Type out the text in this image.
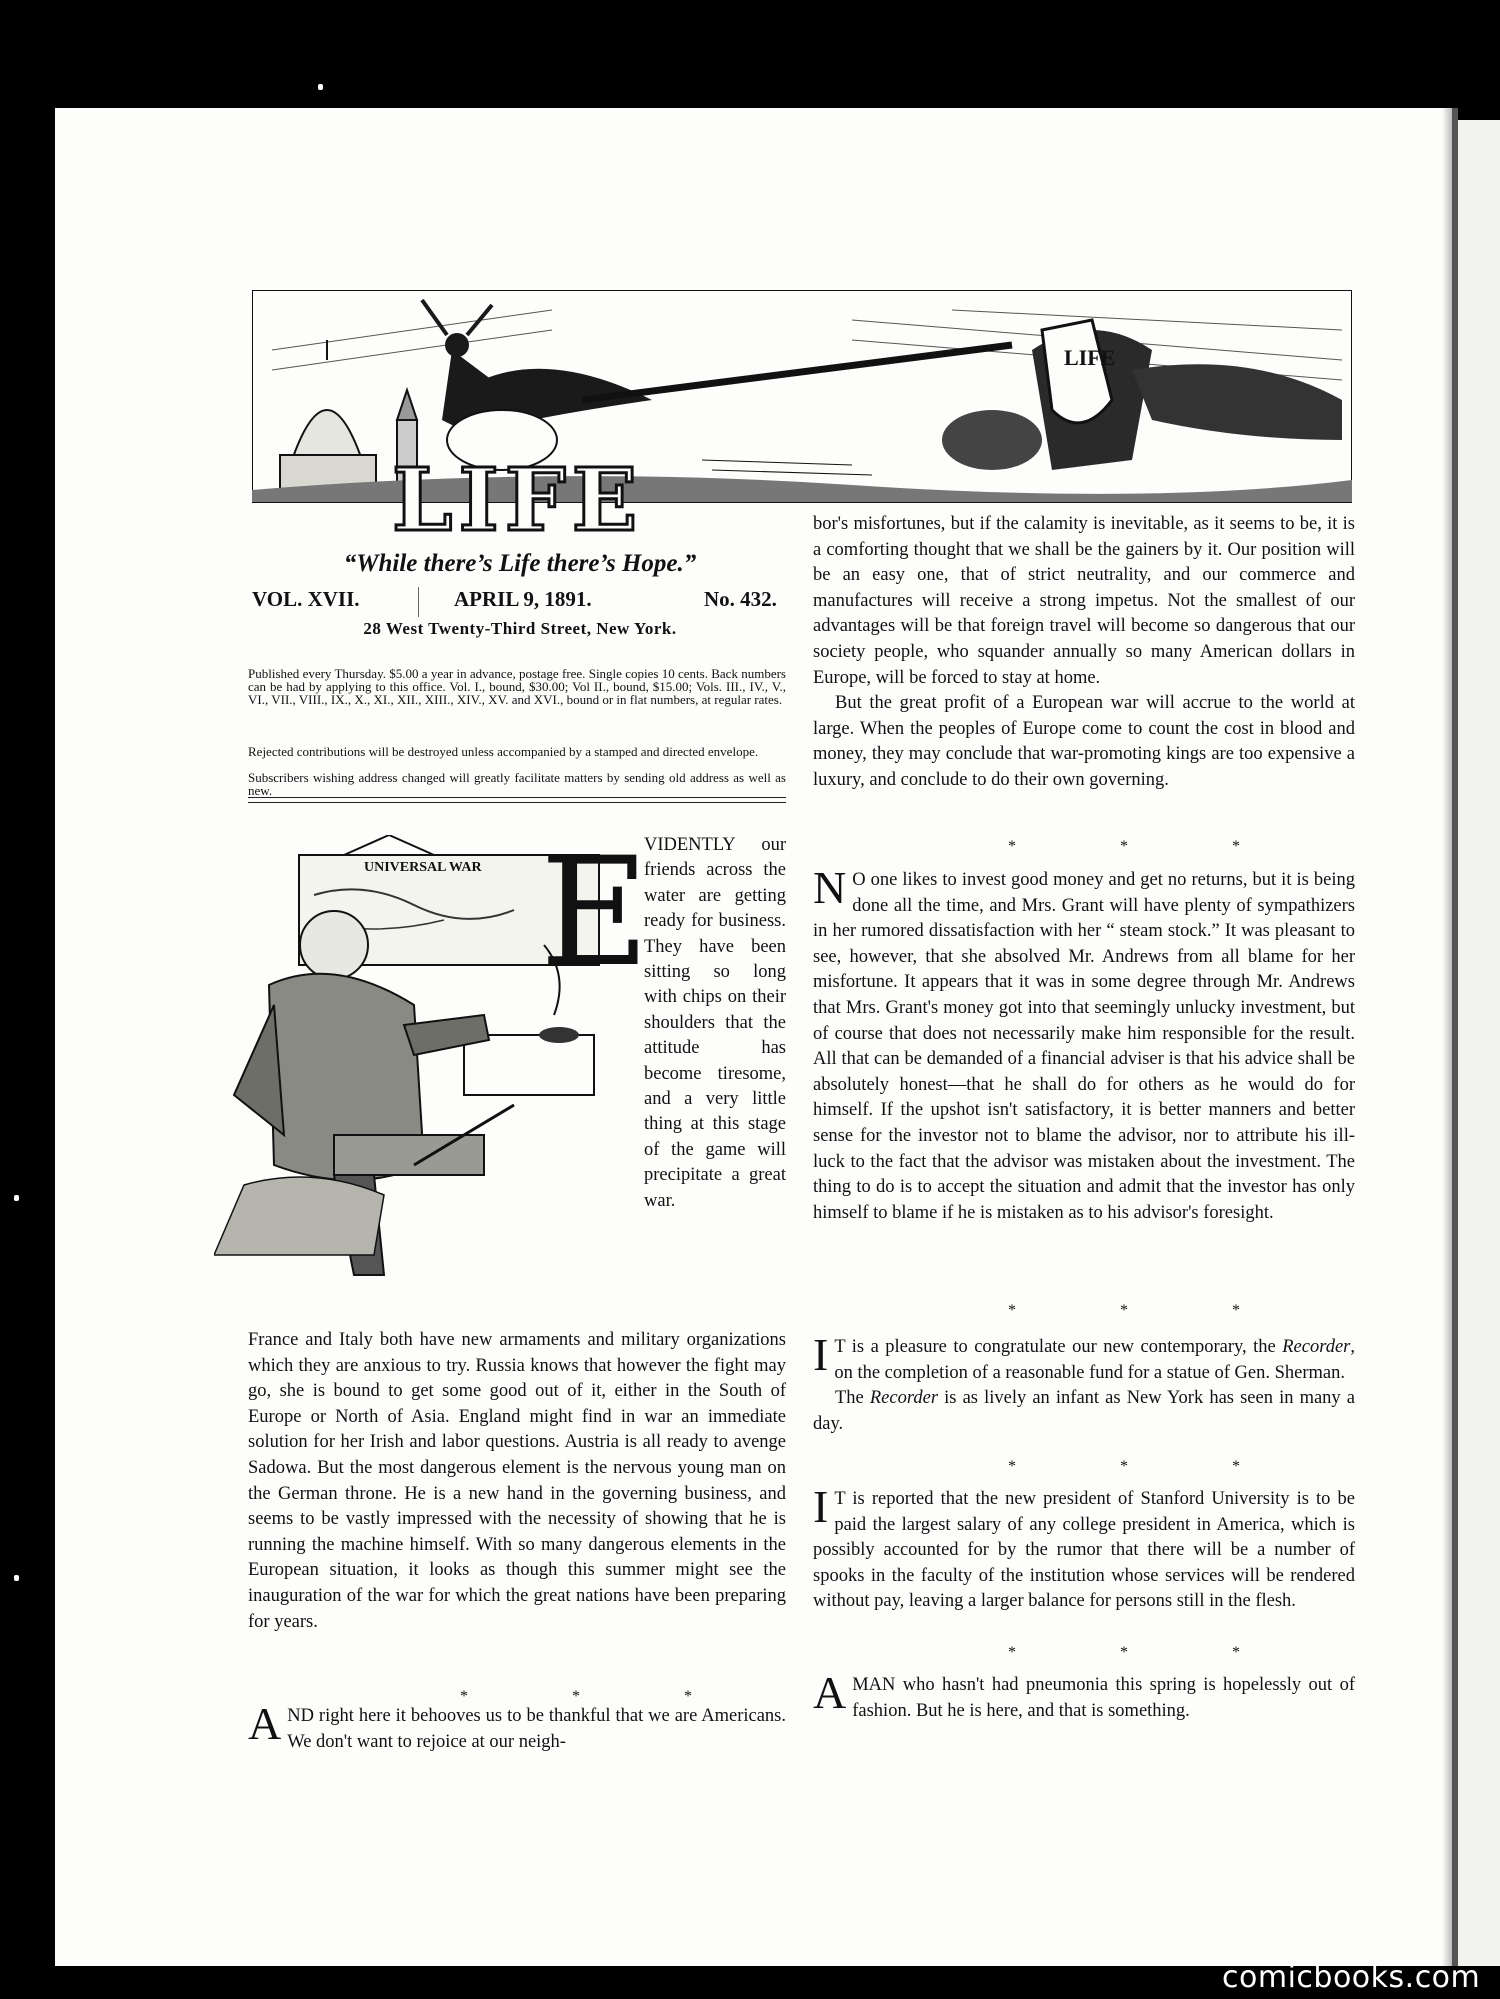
LIFE
LIFE
“While there’s Life there’s Hope.”
VOL. XVII.	APRIL 9, 1891.	No. 432.
28 West Twenty-Third Street, New York.
Published every Thursday. $5.00 a year in advance, postage free. Single copies 10 cents. Back numbers can be had by applying to this office. Vol. I., bound, $30.00; Vol II., bound, $15.00; Vols. III., IV., V., VI., VII., VIII., IX., X., XI., XII., XIII., XIV., XV. and XVI., bound or in flat numbers, at regular rates.
Rejected contributions will be destroyed unless accompanied by a stamped and directed envelope.
Subscribers wishing address changed will greatly facilitate matters by sending old address as well as new.
UNIVERSAL WAR E
VIDENTLY our friends across the water are getting ready for business. They have been sitting so long with chips on their shoulders that the attitude has become tiresome, and a very little thing at this stage of the game will precipitate a great war.

France and Italy both have new armaments and military organizations which they are anxious to try. Russia knows that however the fight may go, she is bound to get some good out of it, either in the South of Europe or North of Asia. England might find in war an immediate solution for her Irish and labor questions. Austria is all ready to avenge Sadowa. But the most dangerous element is the nervous young man on the German throne. He is a new hand in the governing business, and seems to be vastly impressed with the necessity of showing that he is running the machine himself. With so many dangerous elements in the European situation, it looks as though this summer might see the inauguration of the war for which the great nations have been preparing for years.

* * *

AND right here it behooves us to be thankful that we are Americans. We don't want to rejoice at our neigh-

bor's misfortunes, but if the calamity is inevitable, as it seems to be, it is a comforting thought that we shall be the gainers by it. Our position will be an easy one, that of strict neutrality, and our commerce and manufactures will receive a strong impetus. Not the smallest of our advantages will be that foreign travel will become so dangerous that our society people, who squander annually so many American dollars in Europe, will be forced to stay at home.

But the great profit of a European war will accrue to the world at large. When the peoples of Europe come to count the cost in blood and money, they may conclude that war-promoting kings are too expensive a luxury, and conclude to do their own governing.

* * *

N O one likes to invest good money and get no returns, but it is being done all the time, and Mrs. Grant will have plenty of sympathizers in her rumored dissatisfaction with her “ steam stock.” It was pleasant to see, however, that she absolved Mr. Andrews from all blame for her misfortune. It appears that it was in some degree through Mr. Andrews that Mrs. Grant's money got into that seemingly unlucky investment, but of course that does not necessarily make him responsible for the result. All that can be demanded of a financial adviser is that his advice shall be absolutely honest—that he shall do for others as he would do for himself. If the upshot isn't satisfactory, it is better manners and better sense for the investor not to blame the advisor, nor to attribute his ill-luck to the fact that the advisor was mistaken about the investment. The thing to do is to accept the situation and admit that the investor has only himself to blame if he is mistaken as to his advisor's foresight.

* * *

I T is a pleasure to congratulate our new contemporary, the Recorder, on the completion of a reasonable fund for a statue of Gen. Sherman.

The Recorder is as lively an infant as New York has seen in many a day.

* * *

I T is reported that the new president of Stanford University is to be paid the largest salary of any college president in America, which is possibly accounted for by the rumor that there will be a number of spooks in the faculty of the institution whose services will be rendered without pay, leaving a larger balance for persons still in the flesh.

* * *

AMAN who hasn't had pneumonia this spring is hopelessly out of fashion. But he is here, and that is something.

comicbooks.com
